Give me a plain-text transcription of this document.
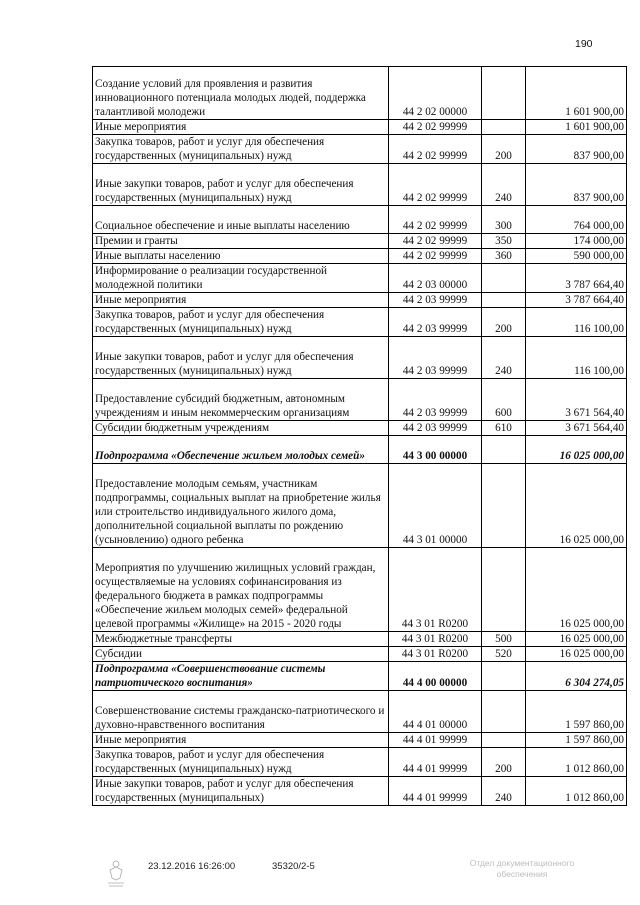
190
Создание условий для проявления и развития инновационного потенциала молодых людей, поддержка талантливой молодежи	44 2 02 00000		1 601 900,00
Иные мероприятия	44 2 02 99999		1 601 900,00
Закупка товаров, работ и услуг для обеспечения государственных (муниципальных) нужд	44 2 02 99999	200	837 900,00
Иные закупки товаров, работ и услуг для обеспечения государственных (муниципальных) нужд	44 2 02 99999	240	837 900,00
Социальное обеспечение и иные выплаты населению	44 2 02 99999	300	764 000,00
Премии и гранты	44 2 02 99999	350	174 000,00
Иные выплаты населению	44 2 02 99999	360	590 000,00
Информирование о реализации государственной молодежной политики	44 2 03 00000		3 787 664,40
Иные мероприятия	44 2 03 99999		3 787 664,40
Закупка товаров, работ и услуг для обеспечения государственных (муниципальных) нужд	44 2 03 99999	200	116 100,00
Иные закупки товаров, работ и услуг для обеспечения государственных (муниципальных) нужд	44 2 03 99999	240	116 100,00
Предоставление субсидий бюджетным, автономным учреждениям и иным некоммерческим организациям	44 2 03 99999	600	3 671 564,40
Субсидии бюджетным учреждениям	44 2 03 99999	610	3 671 564,40
Подпрограмма «Обеспечение жильем молодых семей»	44 3 00 00000		16 025 000,00
Предоставление молодым семьям, участникам подпрограммы, социальных выплат на приобретение жилья или строительство индивидуального жилого дома, дополнительной социальной выплаты по рождению (усыновлению) одного ребенка	44 3 01 00000		16 025 000,00
Мероприятия по улучшению жилищных условий граждан, осуществляемые на условиях софинансирования из федерального бюджета в рамках подпрограммы «Обеспечение жильем молодых семей» федеральной целевой программы «Жилище» на 2015 - 2020 годы	44 3 01 R0200		16 025 000,00
Межбюджетные трансферты	44 3 01 R0200	500	16 025 000,00
Субсидии	44 3 01 R0200	520	16 025 000,00
Подпрограмма «Совершенствование системы патриотического воспитания»	44 4 00 00000		6 304 274,05
Совершенствование системы гражданско-патриотического и духовно-нравственного воспитания	44 4 01 00000		1 597 860,00
Иные мероприятия	44 4 01 99999		1 597 860,00
Закупка товаров, работ и услуг для обеспечения государственных (муниципальных) нужд	44 4 01 99999	200	1 012 860,00
Иные закупки товаров, работ и услуг для обеспечения государственных (муниципальных)	44 4 01 99999	240	1 012 860,00
23.12.2016 16:26:00	35320/2-5	Отдел документационного обеспечения
